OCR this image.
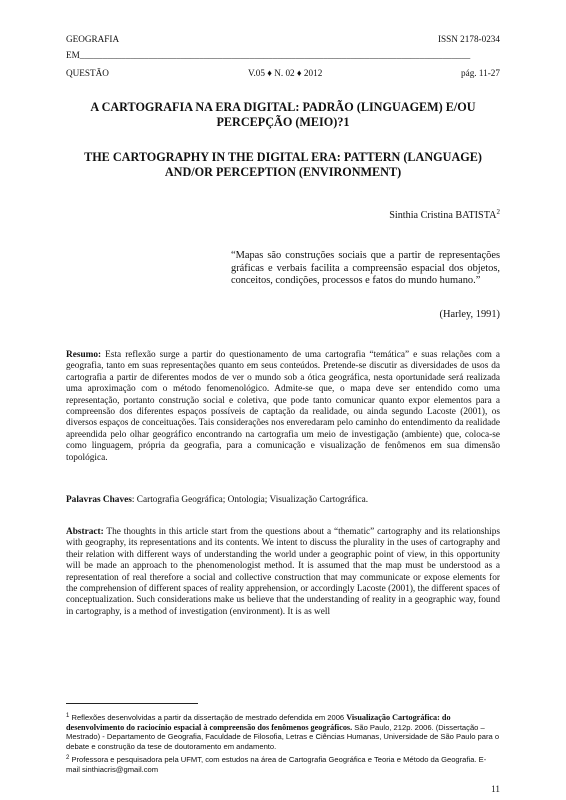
GEOGRAFIA	ISSN 2178-0234
EM_____________________________________________________________________________________
QUESTÃO	V.05 ♦ N. 02 ♦ 2012	pág. 11-27
A CARTOGRAFIA NA ERA DIGITAL: PADRÃO (LINGUAGEM) E/OU PERCEPÇÃO (MEIO)?1
THE CARTOGRAPHY IN THE DIGITAL ERA: PATTERN (LANGUAGE) AND/OR PERCEPTION (ENVIRONMENT)
Sinthia Cristina BATISTA$^2$
“Mapas são construções sociais que a partir de representações gráficas e verbais facilita a compreensão espacial dos objetos, conceitos, condições, processos e fatos do mundo humano.”
(Harley, 1991)
Resumo: Esta reflexão surge a partir do questionamento de uma cartografia “temática” e suas relações com a geografia, tanto em suas representações quanto em seus conteúdos. Pretende-se discutir as diversidades de usos da cartografia a partir de diferentes modos de ver o mundo sob a ótica geográfica, nesta oportunidade será realizada uma aproximação com o método fenomenológico. Admite-se que, o mapa deve ser entendido como uma representação, portanto construção social e coletiva, que pode tanto comunicar quanto expor elementos para a compreensão dos diferentes espaços possíveis de captação da realidade, ou ainda segundo Lacoste (2001), os diversos espaços de conceituações. Tais considerações nos enveredaram pelo caminho do entendimento da realidade apreendida pelo olhar geográfico encontrando na cartografia um meio de investigação (ambiente) que, coloca-se como linguagem, própria da geografia, para a comunicação e visualização de fenômenos em sua dimensão topológica.
Palavras Chaves: Cartografia Geográfica; Ontologia; Visualização Cartográfica.
Abstract: The thoughts in this article start from the questions about a “thematic” cartography and its relationships with geography, its representations and its contents. We intent to discuss the plurality in the uses of cartography and their relation with different ways of understanding the world under a geographic point of view, in this opportunity will be made an approach to the phenomenologist method. It is assumed that the map must be understood as a representation of real therefore a social and collective construction that may communicate or expose elements for the comprehension of different spaces of reality apprehension, or accordingly Lacoste (2001), the different spaces of conceptualization. Such considerations make us believe that the understanding of reality in a geographic way, found in cartography, is a method of investigation (environment). It is as well
$^1$ Reflexões desenvolvidas a partir da dissertação de mestrado defendida em 2006 Visualização Cartográfica: do desenvolvimento do raciocínio espacial à compreensão dos fenômenos geográficos. São Paulo, 212p. 2006. (Dissertação – Mestrado) - Departamento de Geografia, Faculdade de Filosofia, Letras e Ciências Humanas, Universidade de São Paulo para o debate e construção da tese de doutoramento em andamento.
$^2$ Professora e pesquisadora pela UFMT, com estudos na área de Cartografia Geográfica e Teoria e Método da Geografia. E-mail sinthiacris@gmail.com
11
